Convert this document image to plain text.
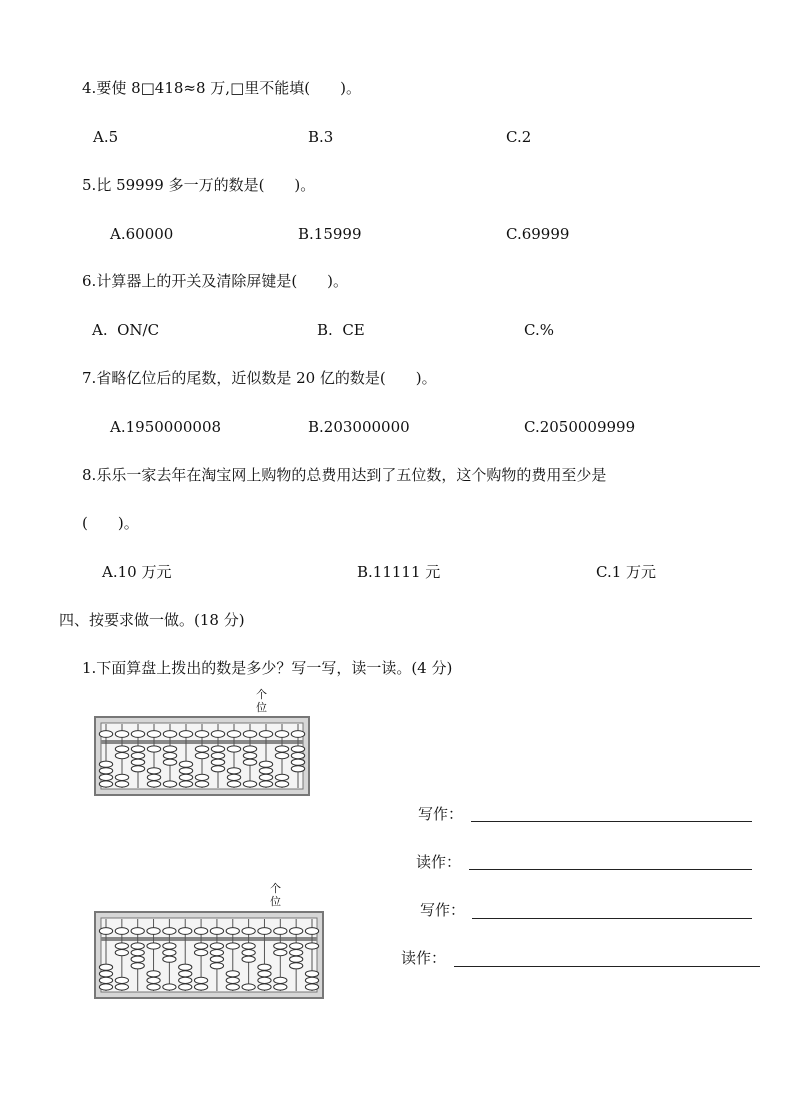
4.要使 8□418≈8 万,□里不能填(　　)。
A.5	B.3	C.2
5.比 59999 多一万的数是(　　)。
A.60000	B.15999	C.69999
6.计算器上的开关及清除屏键是(　　)。
A.  ON/C	B.  CE	C.%
7.省略亿位后的尾数，近似数是 20 亿的数是(　　)。
A.1950000008	B.203000000	C.2050009999
8.乐乐一家去年在淘宝网上购物的总费用达到了五位数，这个购物的费用至少是
(　　)。
A.10 万元	B.11111 元	C.1 万元
四、按要求做一做。(18 分)
1.下面算盘上拨出的数是多少？写一写，读一读。(4 分)
个
位
个
位
写作：
读作：
写作：
读作：
